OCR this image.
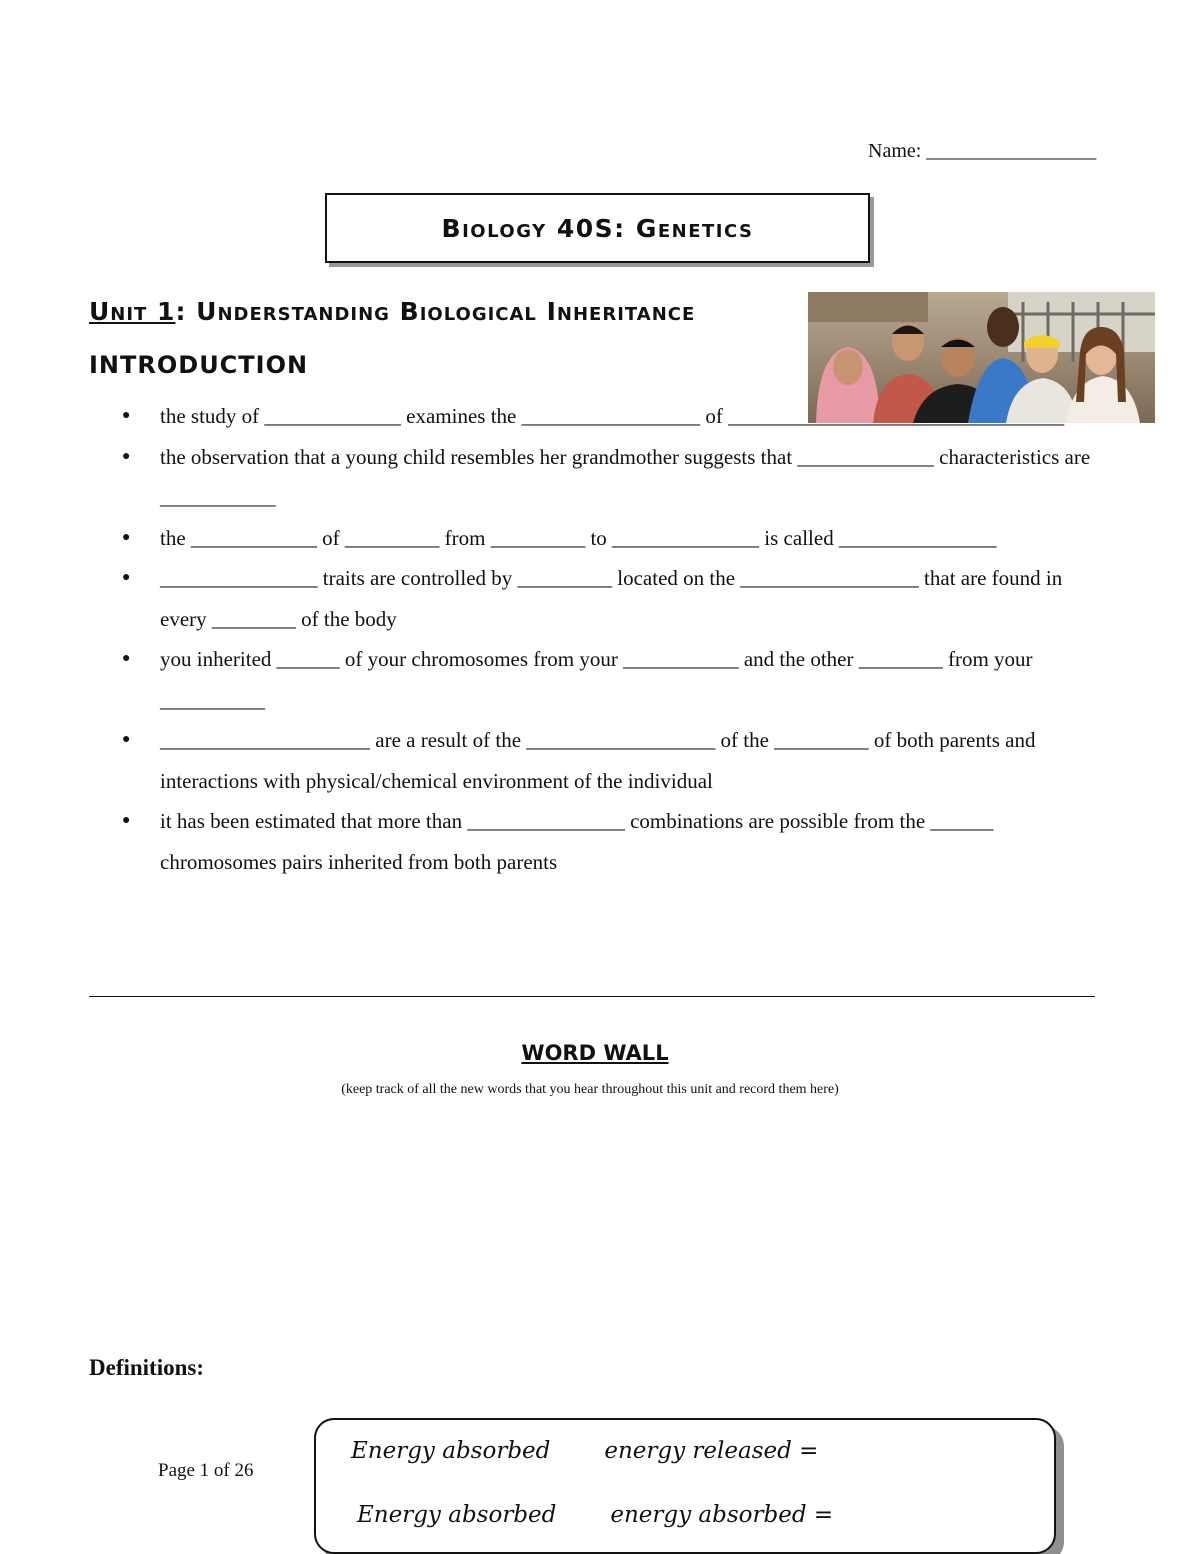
Name: _________________
Biology 40S: Genetics
Unit 1: Understanding Biological Inheritance
INTRODUCTION
● the study of _____________ examines the _________________ of ________________________________
● the observation that a young child resembles her grandmother suggests that _____________ characteristics are ___________
● the ____________ of _________ from _________ to ______________ is called _______________
● _______________ traits are controlled by _________ located on the _________________ that are found in every ________ of the body
● you inherited ______ of your chromosomes from your ___________ and the other ________ from your __________
● ____________________ are a result of the __________________ of the _________ of both parents and interactions with physical/chemical environment of the individual
● it has been estimated that more than _______________ combinations are possible from the ______ chromosomes pairs inherited from both parents
WORD WALL
(keep track of all the new words that you hear throughout this unit and record them here)
Definitions:
Page 1 of 26
Energy absorbed energy released =
Energy absorbed energy absorbed =
